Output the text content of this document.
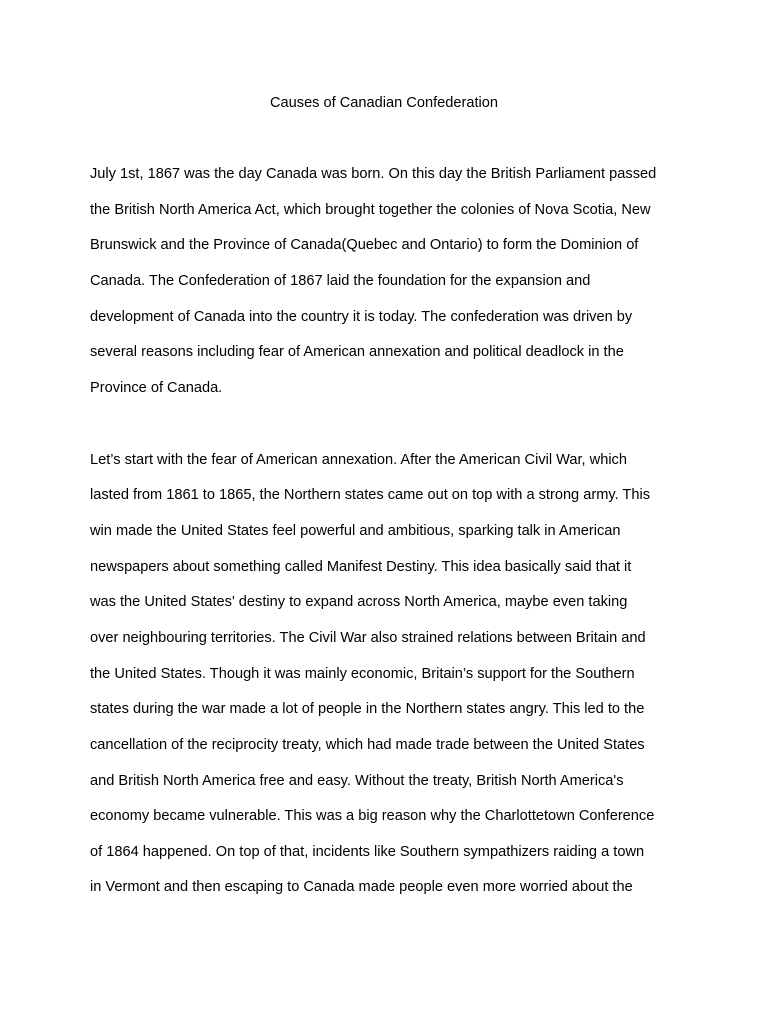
Causes of Canadian Confederation
July 1st, 1867 was the day Canada was born. On this day the British Parliament passed
the British North America Act, which brought together the colonies of Nova Scotia, New
Brunswick and the Province of Canada(Quebec and Ontario) to form the Dominion of
Canada. The Confederation of 1867 laid the foundation for the expansion and
development of Canada into the country it is today. The confederation was driven by
several reasons including fear of American annexation and political deadlock in the
Province of Canada.
Let’s start with the fear of American annexation. After the American Civil War, which
lasted from 1861 to 1865, the Northern states came out on top with a strong army. This
win made the United States feel powerful and ambitious, sparking talk in American
newspapers about something called Manifest Destiny. This idea basically said that it
was the United States' destiny to expand across North America, maybe even taking
over neighbouring territories. The Civil War also strained relations between Britain and
the United States. Though it was mainly economic, Britain’s support for the Southern
states during the war made a lot of people in the Northern states angry. This led to the
cancellation of the reciprocity treaty, which had made trade between the United States
and British North America free and easy. Without the treaty, British North America's
economy became vulnerable. This was a big reason why the Charlottetown Conference
of 1864 happened. On top of that, incidents like Southern sympathizers raiding a town
in Vermont and then escaping to Canada made people even more worried about the
